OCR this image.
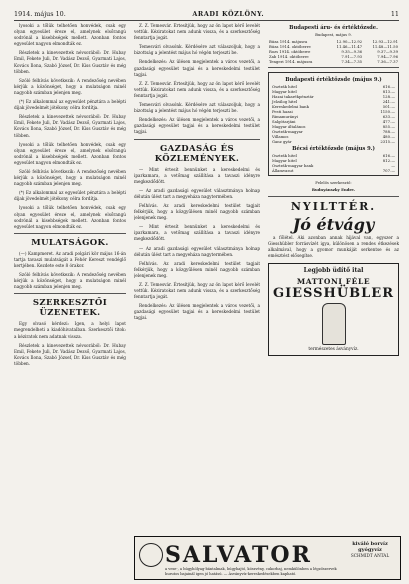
1914. május 10.	ARADI KÖZLÖNY.	11

lyosoki a tőlük telhetően honvédek, csak egy olyan egyesület éreze el, amelynek elsőrangú sodrónál a kisebbségek mellett. Azonban fontos egyesület nagyon elmondták ez.

Részletek a kinevezettek névsorából: Dr. Hubay Emil, Fekete Juli, Dr. Vadász Dezső, Gyarmati Lajos, Kovács Ilona, Szabó József, Dr. Kiss Gusztáv és még többen.

Szóló felhívás következik: A rendezőség nevében kérjük a közönséget, hogy a mulatságon minél nagyobb számban jelenjen meg.

(*) Ez alkalommal az egyesület pénztára a belépti díjak jövedelmét jótékony célra fordítja.

Részletek a kinevezettek névsorából: Dr. Hubay Emil, Fekete Juli, Dr. Vadász Dezső, Gyarmati Lajos, Kovács Ilona, Szabó József, Dr. Kiss Gusztáv és még többen.

lyosoki a tőlük telhetően honvédek, csak egy olyan egyesület éreze el, amelynek elsőrangú sodrónál a kisebbségek mellett. Azonban fontos egyesület nagyon elmondták ez.

Szóló felhívás következik: A rendezőség nevében kérjük a közönséget, hogy a mulatságon minél nagyobb számban jelenjen meg.

(*) Ez alkalommal az egyesület pénztára a belépti díjak jövedelmét jótékony célra fordítja.

lyosoki a tőlük telhetően honvédek, csak egy olyan egyesület éreze el, amelynek elsőrangú sodrónál a kisebbségek mellett. Azonban fontos egyesület nagyon elmondták ez.

MULATSÁGOK.

(—) Kampmeret. Az aradi polgári kör május 16-án tartja tavaszi mulatságát a Fehér Kereszt vendéglő kertjében. Kezdete este 8 órakor.

Szóló felhívás következik: A rendezőség nevében kérjük a közönséget, hogy a mulatságon minél nagyobb számban jelenjen meg.

SZERKESZTŐI ÜZENETEK.

Egy olvasó kérdezi: Igen, a helyi lapot megrendelheti a kiadóhivatalban. Szerkesztői titok: a kéziratok nem adatnak vissza.

Részletek a kinevezettek névsorából: Dr. Hubay Emil, Fekete Juli, Dr. Vadász Dezső, Gyarmati Lajos, Kovács Ilona, Szabó József, Dr. Kiss Gusztáv és még többen.

Z. Z. Temesvár. Értesítjük, hogy az ön lapot kérő levelét vettük. Kéziratokat nem adunk vissza, és a szerkesztőség fenntartja jogát.

Temesvári olvasónk. Kérdésére azt válaszoljuk, hogy a bizottság a jelentést május hó végén terjeszti be.

Rendelkezés: Az ülésen megjelentek a város vezetői, a gazdasági egyesület tagjai és a kereskedelmi testület tagjai.

Z. Z. Temesvár. Értesítjük, hogy az ön lapot kérő levelét vettük. Kéziratokat nem adunk vissza, és a szerkesztőség fenntartja jogát.

Temesvári olvasónk. Kérdésére azt válaszoljuk, hogy a bizottság a jelentést május hó végén terjeszti be.

Rendelkezés: Az ülésen megjelentek a város vezetői, a gazdasági egyesület tagjai és a kereskedelmi testület tagjai.

GAZDASÁG ÉS KÖZLEMÉNYEK.

— Mint értesít bennünket a kereskedelmi és iparkamara, a vetőmag szállítása a tavaszi idényre megkezdődött.

— Az aradi gazdasági egyesület választmánya holnap délután ülést tart a megyeháza nagytermében.

Felhívás. Az aradi kereskedelmi testület tagjait felkérjük, hogy a közgyűlésen minél nagyobb számban jelenjenek meg.

— Mint értesít bennünket a kereskedelmi és iparkamara, a vetőmag szállítása a tavaszi idényre megkezdődött.

— Az aradi gazdasági egyesület választmánya holnap délután ülést tart a megyeháza nagytermében.

Felhívás. Az aradi kereskedelmi testület tagjait felkérjük, hogy a közgyűlésen minél nagyobb számban jelenjenek meg.

Z. Z. Temesvár. Értesítjük, hogy az ön lapot kérő levelét vettük. Kéziratokat nem adunk vissza, és a szerkesztőség fenntartja jogát.

Rendelkezés: Az ülésen megjelentek a város vezetői, a gazdasági egyesület tagjai és a kereskedelmi testület tagjai.

Budapesti áru- és értéktőzsde.
Budapest, május 9.
Búza 1914. májusra	12.90—12.92	12.93—12.91
Búza 1914. októberre	11.46—11.47	11.48—11.50
Rozs 1914. októberre	9.35—9.36	9.37—9.39
Zab 1914. októberre	7.91—7.93	7.94—7.96
Tengeri 1914. májusra	7.34—7.35	7.36—7.37
Budapesti értéktőzsde (május 9.)
Osztrák hitel	616.—
Magyar hitel	813.—
Hazai takarékpénztár	128.—
Jelzálog hitel	241.—
Kereskedelmi bank	501.—
Pesti hazai	1150.—
Rimamurányi	633.—
Salgótarjáni	477.—
Magyar általános	855.—
Osztrák-magyar	788.—
Villamos	480.—
Ganz gyár	2315.—
Bécsi értéktőzsde (május 9.)
Osztrák hitel	616.—
Magyar hitel	812.—
Osztrák-magyar bank	—
Államvasut	707.—
Felelős szerkesztő:
Rudnyánszky Endre.
NYILTTÉR.
Jó étvágy

a főlétel. Aki azonban annak híjával van, egyszer a Giesshübler forrásvízét igya, különösen a rendes étkezések alkalmával, hogy a gyomor munkáját serkentse és az emésztést elősegítse.

Legjobb üdítő ital
MATTONI FÉLE
GIESSHÜBLER
természetes ásványvíz.
SALVATOR
a vese-, a húgyhólyag-bántalmak, húgyhajtó, köszvény, cukorbaj, nemkülönben a légzőszervek hurutos bajainál igen jó hatású. — Ásványvíz-kereskedésekben kapható.
kiváló borvíz
gyógyvíz
SCHMIDT ANTAL
